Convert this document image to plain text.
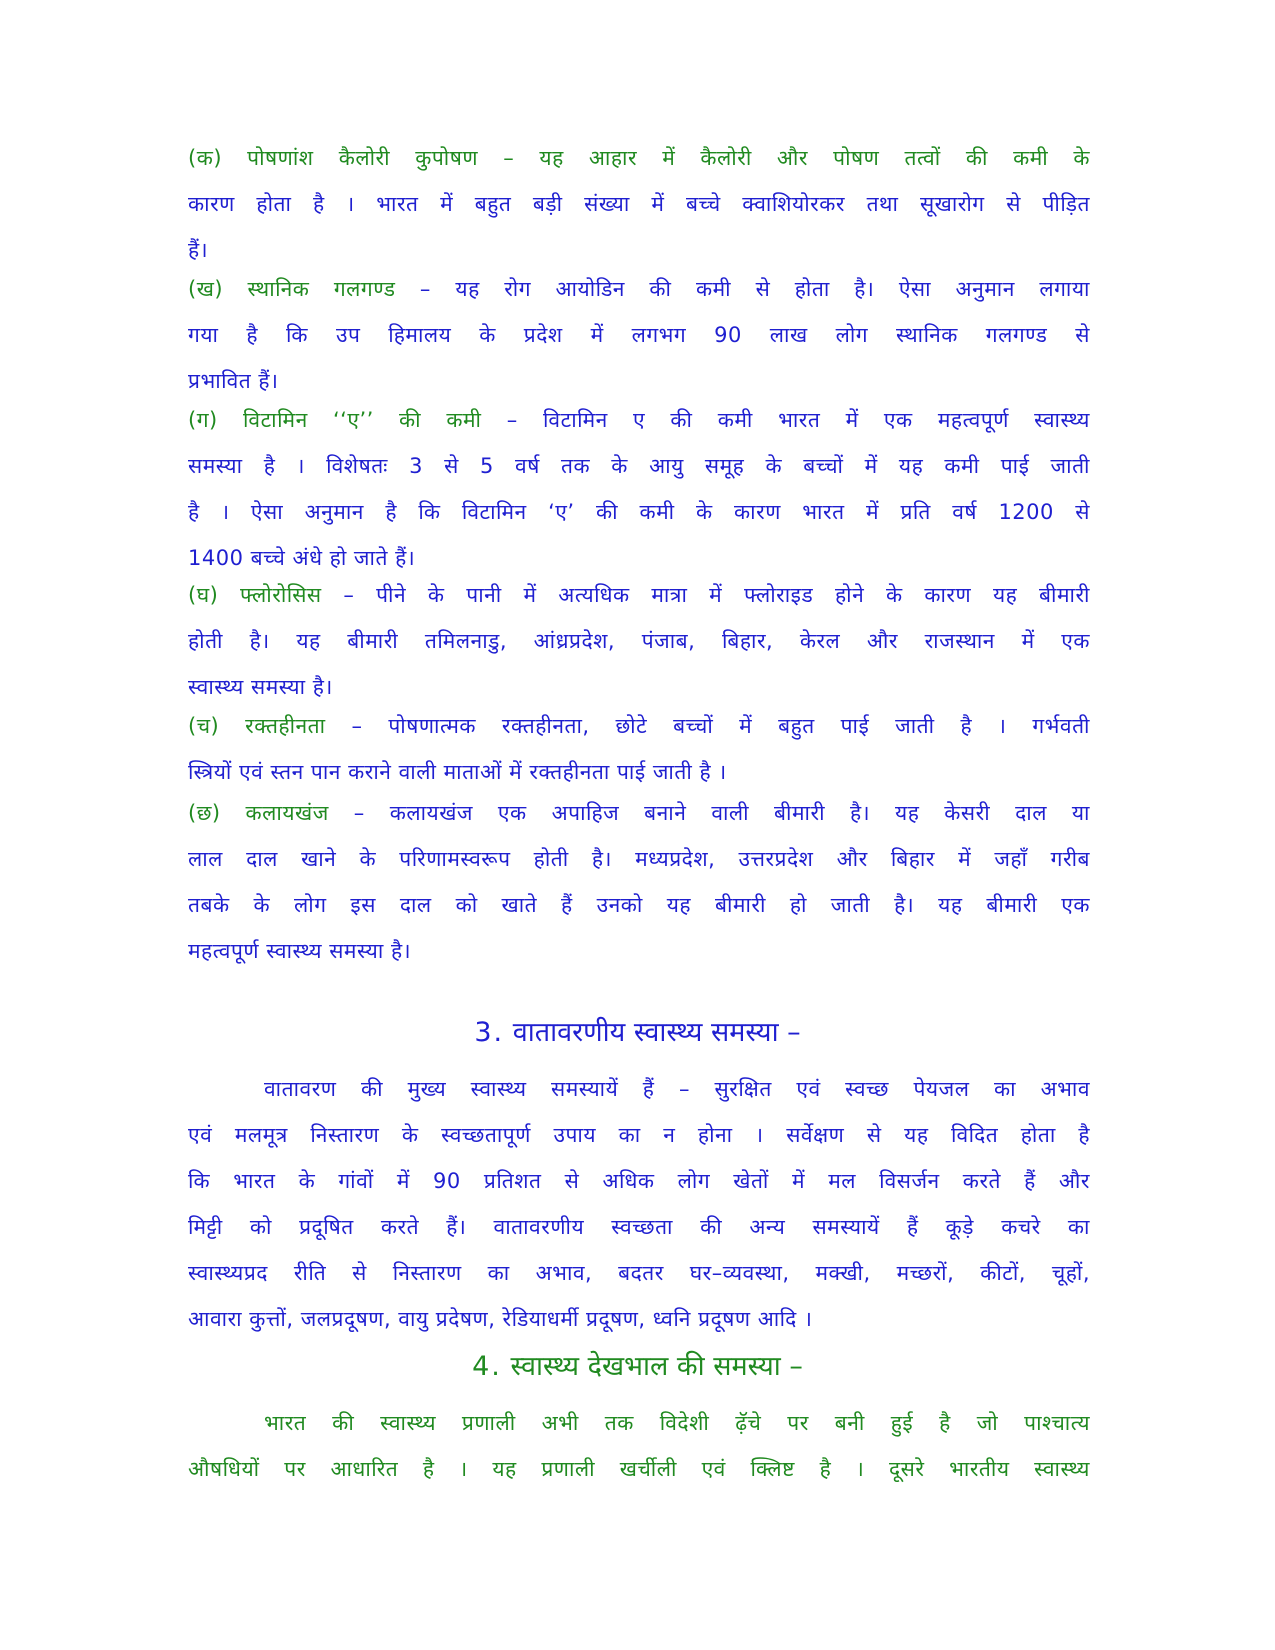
(क) पोषणांश कैलोरी कुपोषण – यह आहार में कैलोरी और पोषण तत्वों की कमी के
कारण होता है । भारत में बहुत बड़ी संख्या में बच्चे क्वाशियोरकर तथा सूखारोग से पीड़ित
हैं।
(ख) स्थानिक गलगण्ड – यह रोग आयोडिन की कमी से होता है। ऐसा अनुमान लगाया
गया है कि उप हिमालय के प्रदेश में लगभग 90 लाख लोग स्थानिक गलगण्ड से
प्रभावित हैं।
(ग) विटामिन ‘‘ए’’ की कमी – विटामिन ए की कमी भारत में एक महत्वपूर्ण स्वास्थ्य
समस्या है । विशेषतः 3 से 5 वर्ष तक के आयु समूह के बच्चों में यह कमी पाई जाती
है । ऐसा अनुमान है कि विटामिन ‘ए’ की कमी के कारण भारत में प्रति वर्ष 1200 से
1400 बच्चे अंधे हो जाते हैं।
(घ) फ्लोरोसिस – पीने के पानी में अत्यधिक मात्रा में फ्लोराइड होने के कारण यह बीमारी
होती है। यह बीमारी तमिलनाडु, आंध्रप्रदेश, पंजाब, बिहार, केरल और राजस्थान में एक
स्वास्थ्य समस्या है।
(च) रक्तहीनता – पोषणात्मक रक्तहीनता, छोटे बच्चों में बहुत पाई जाती है । गर्भवती
स्त्रियों एवं स्तन पान कराने वाली माताओं में रक्तहीनता पाई जाती है ।
(छ) कलायखंज – कलायखंज एक अपाहिज बनाने वाली बीमारी है। यह केसरी दाल या
लाल दाल खाने के परिणामस्वरूप होती है। मध्यप्रदेश, उत्तरप्रदेश और बिहार में जहाँ गरीब
तबके के लोग इस दाल को खाते हैं उनको यह बीमारी हो जाती है। यह बीमारी एक
महत्वपूर्ण स्वास्थ्य समस्या है।
3. वातावरणीय स्वास्थ्य समस्या –
वातावरण की मुख्य स्वास्थ्य समस्यायें हैं – सुरक्षित एवं स्वच्छ पेयजल का अभाव
एवं मलमूत्र निस्तारण के स्वच्छतापूर्ण उपाय का न होना । सर्वेक्षण से यह विदित होता है
कि भारत के गांवों में 90 प्रतिशत से अधिक लोग खेतों में मल विसर्जन करते हैं और
मिट्टी को प्रदूषित करते हैं। वातावरणीय स्वच्छता की अन्य समस्यायें हैं कूड़े कचरे का
स्वास्थ्यप्रद रीति से निस्तारण का अभाव, बदतर घर–व्यवस्था, मक्खी, मच्छरों, कीटों, चूहों,
आवारा कुत्तों, जलप्रदूषण, वायु प्रदेषण, रेडियाधर्मी प्रदूषण, ध्वनि प्रदूषण आदि ।
4. स्वास्थ्य देखभाल की समस्या –
भारत की स्वास्थ्य प्रणाली अभी तक विदेशी ढ़ॅचे पर बनी हुई है जो पाश्चात्य
औषधियों पर आधारित है । यह प्रणाली खर्चीली एवं क्लिष्ट है । दूसरे भारतीय स्वास्थ्य
